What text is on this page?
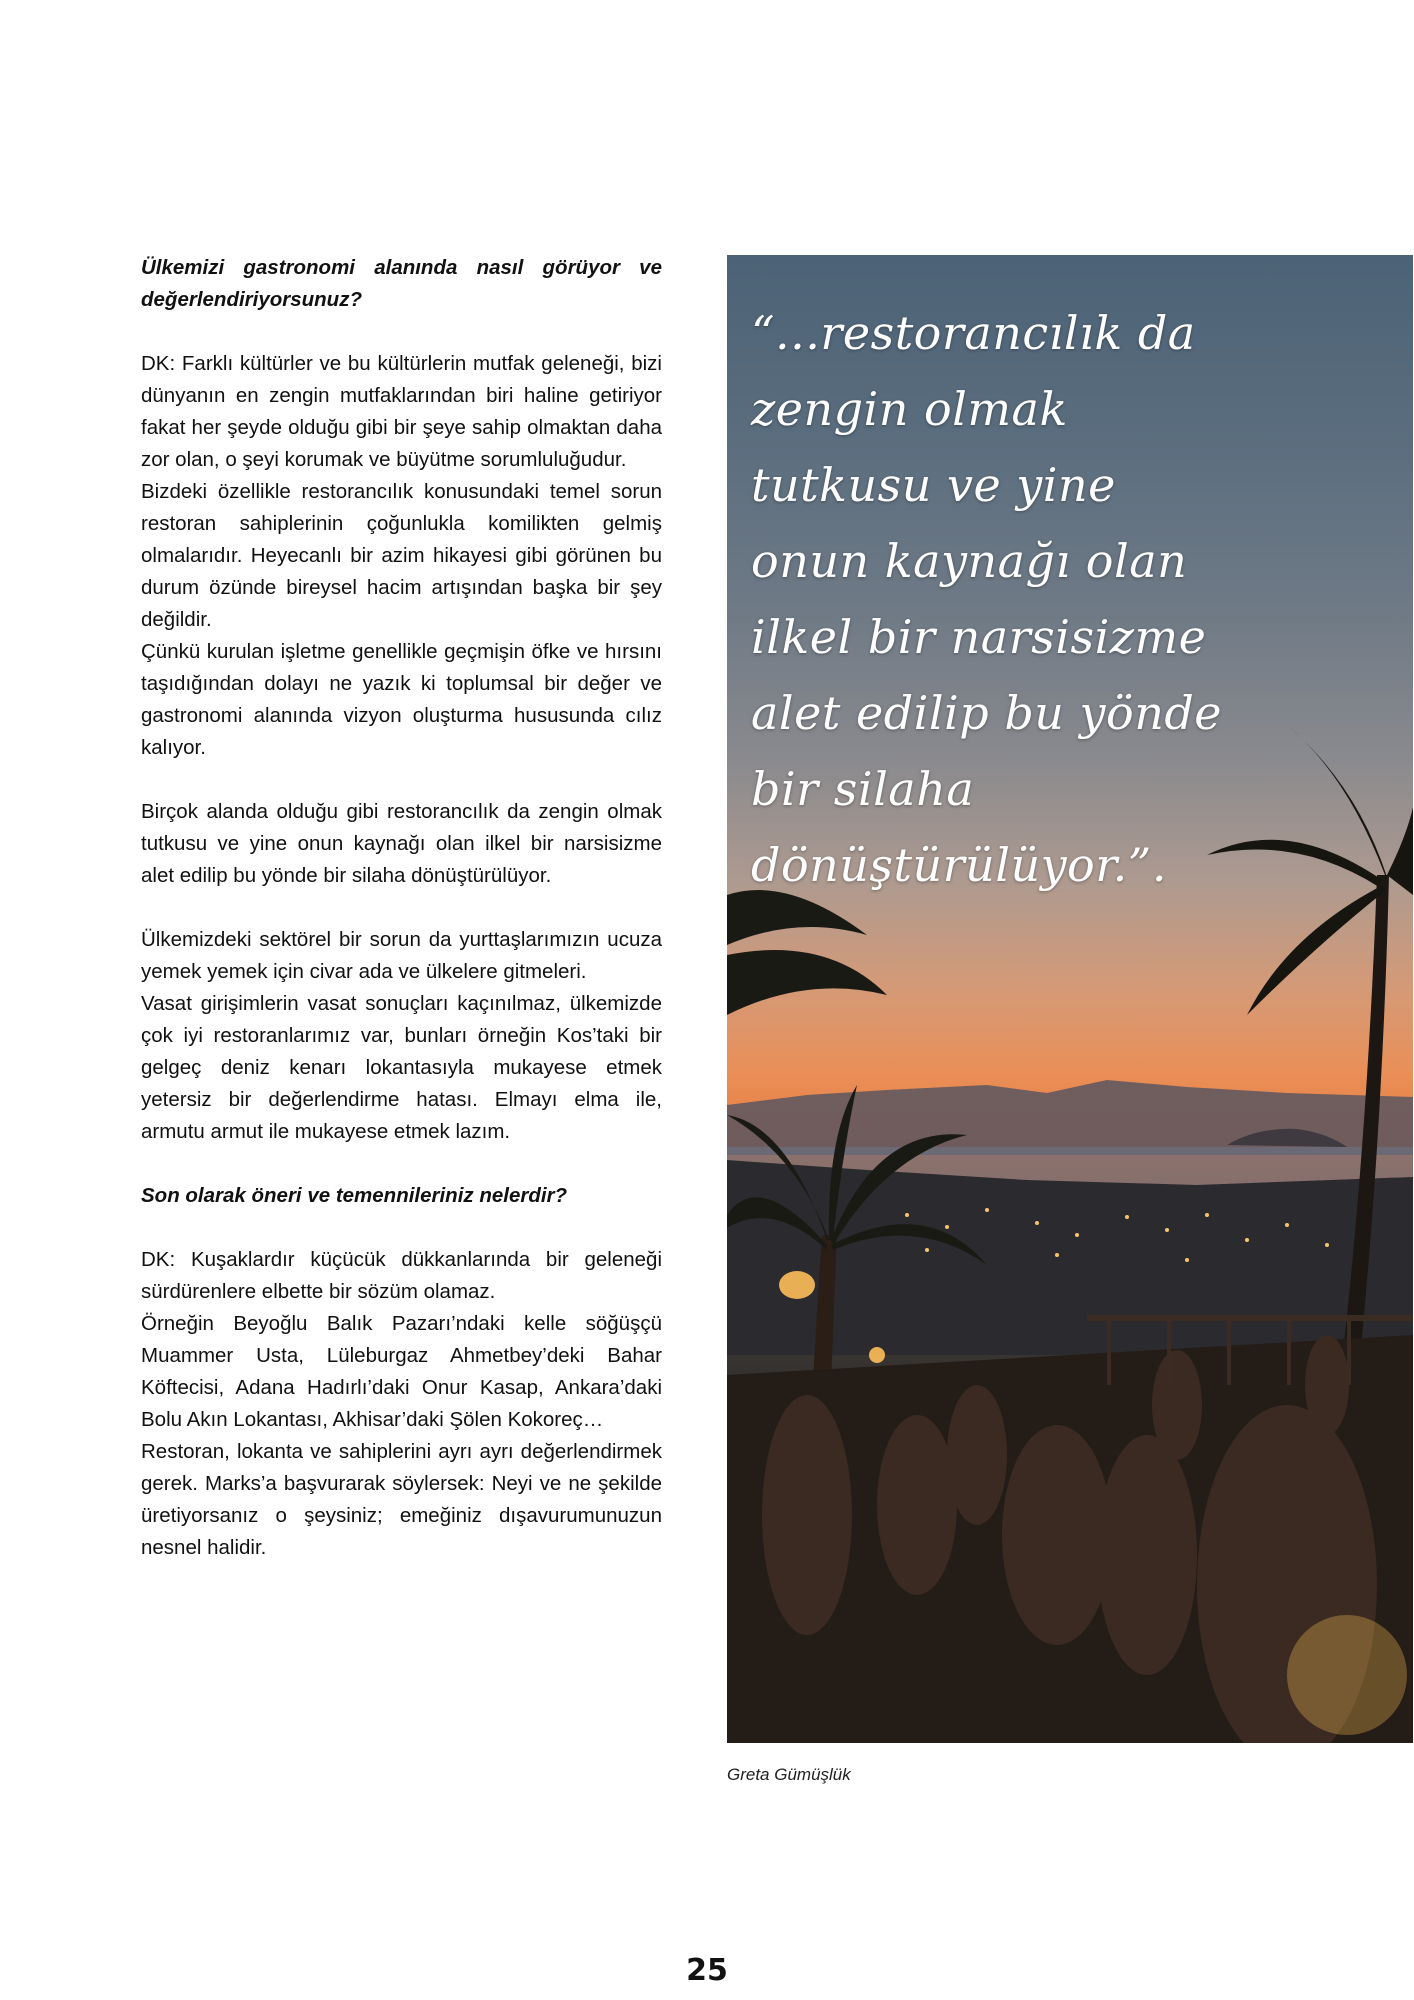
Ülkemizi gastronomi alanında nasıl görüyor ve değerlendiriyorsunuz?

DK: Farklı kültürler ve bu kültürlerin mutfak geleneği, bizi dünyanın en zengin mutfaklarından biri haline getiriyor fakat her şeyde olduğu gibi bir şeye sahip olmaktan daha zor olan, o şeyi korumak ve büyütme sorumluluğudur.

Bizdeki özellikle restorancılık konusundaki temel sorun restoran sahiplerinin çoğunlukla komilikten gelmiş olmalarıdır. Heyecanlı bir azim hikayesi gibi görünen bu durum özünde bireysel hacim artışından başka bir şey değildir.

Çünkü kurulan işletme genellikle geçmişin öfke ve hırsını taşıdığından dolayı ne yazık ki toplumsal bir değer ve gastronomi alanında vizyon oluşturma hususunda cılız kalıyor.

Birçok alanda olduğu gibi restorancılık da zengin olmak tutkusu ve yine onun kaynağı olan ilkel bir narsisizme alet edilip bu yönde bir silaha dönüştürülüyor.

Ülkemizdeki sektörel bir sorun da yurttaşlarımızın ucuza yemek yemek için civar ada ve ülkelere gitmeleri.

Vasat girişimlerin vasat sonuçları kaçınılmaz, ülkemizde çok iyi restoranlarımız var, bunları örneğin Kos’taki bir gelgeç deniz kenarı lokantasıyla mukayese etmek yetersiz bir değerlendirme hatası. Elmayı elma ile, armutu armut ile mukayese etmek lazım.

Son olarak öneri ve temennileriniz nelerdir?

DK: Kuşaklardır küçücük dükkanlarında bir geleneği sürdürenlere elbette bir sözüm olamaz.

Örneğin Beyoğlu Balık Pazarı’ndaki kelle söğüşçü Muammer Usta, Lüleburgaz Ahmetbey’deki Bahar Köftecisi, Adana Hadırlı’daki Onur Kasap, Ankara’daki Bolu Akın Lokantası, Akhisar’daki Şölen Kokoreç…

Restoran, lokanta ve sahiplerini ayrı ayrı değerlendirmek gerek. Marks’a başvurarak söylersek: Neyi ve ne şekilde üretiyorsanız o şeysiniz; emeğiniz dışavurumunuzun nesnel halidir.

“...restorancılık da
zengin olmak
tutkusu ve yine
onun kaynağı olan
ilkel bir narsisizme
alet edilip bu yönde
bir silaha
dönüştürülüyor.”.
Greta Gümüşlük
25
